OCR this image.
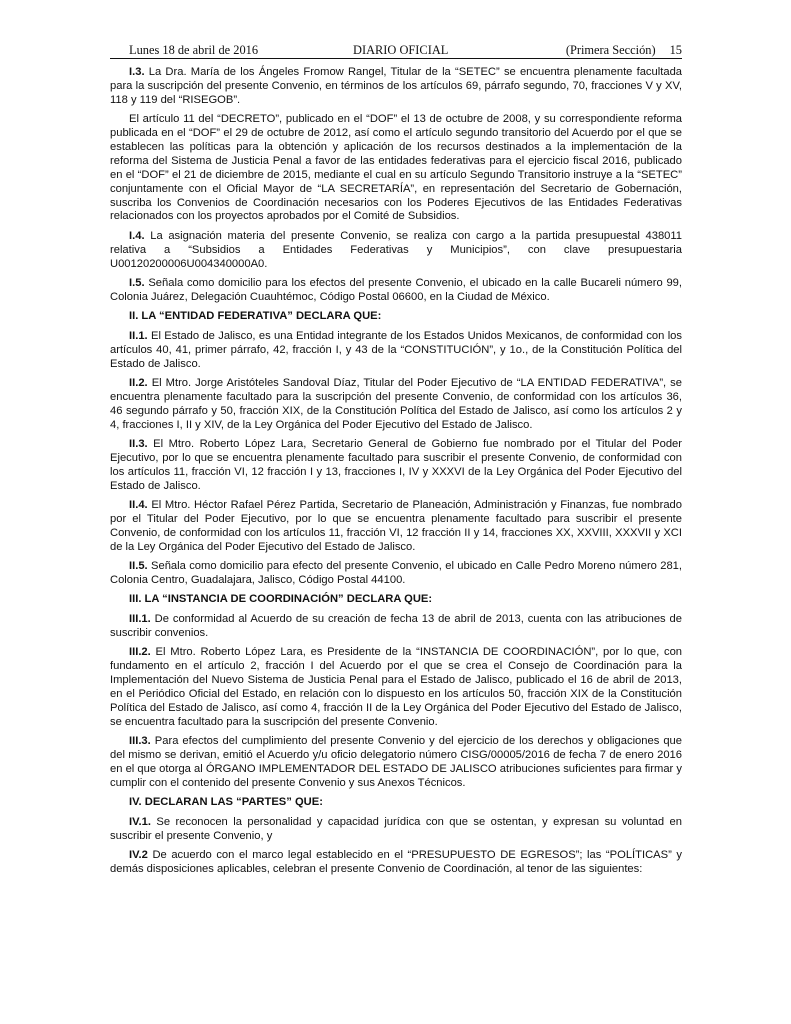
Lunes 18 de abril de 2016	DIARIO OFICIAL	(Primera Sección) 15

I.3. La Dra. María de los Ángeles Fromow Rangel, Titular de la “SETEC” se encuentra plenamente facultada para la suscripción del presente Convenio, en términos de los artículos 69, párrafo segundo, 70, fracciones V y XV, 118 y 119 del “RISEGOB”.

El artículo 11 del “DECRETO”, publicado en el “DOF” el 13 de octubre de 2008, y su correspondiente reforma publicada en el “DOF” el 29 de octubre de 2012, así como el artículo segundo transitorio del Acuerdo por el que se establecen las políticas para la obtención y aplicación de los recursos destinados a la implementación de la reforma del Sistema de Justicia Penal a favor de las entidades federativas para el ejercicio fiscal 2016, publicado en el “DOF” el 21 de diciembre de 2015, mediante el cual en su artículo Segundo Transitorio instruye a la “SETEC” conjuntamente con el Oficial Mayor de “LA SECRETARÍA”, en representación del Secretario de Gobernación, suscriba los Convenios de Coordinación necesarios con los Poderes Ejecutivos de las Entidades Federativas relacionados con los proyectos aprobados por el Comité de Subsidios.

I.4. La asignación materia del presente Convenio, se realiza con cargo a la partida presupuestal 438011 relativa a “Subsidios a Entidades Federativas y Municipios”, con clave presupuestaria U00120200006U004340000A0.

I.5. Señala como domicilio para los efectos del presente Convenio, el ubicado en la calle Bucareli número 99, Colonia Juárez, Delegación Cuauhtémoc, Código Postal 06600, en la Ciudad de México.

II. LA “ENTIDAD FEDERATIVA” DECLARA QUE:

II.1. El Estado de Jalisco, es una Entidad integrante de los Estados Unidos Mexicanos, de conformidad con los artículos 40, 41, primer párrafo, 42, fracción I, y 43 de la “CONSTITUCIÓN”, y 1o., de la Constitución Política del Estado de Jalisco.

II.2. El Mtro. Jorge Aristóteles Sandoval Díaz, Titular del Poder Ejecutivo de “LA ENTIDAD FEDERATIVA”, se encuentra plenamente facultado para la suscripción del presente Convenio, de conformidad con los artículos 36, 46 segundo párrafo y 50, fracción XIX, de la Constitución Política del Estado de Jalisco, así como los artículos 2 y 4, fracciones I, II y XIV, de la Ley Orgánica del Poder Ejecutivo del Estado de Jalisco.

II.3. El Mtro. Roberto López Lara, Secretario General de Gobierno fue nombrado por el Titular del Poder Ejecutivo, por lo que se encuentra plenamente facultado para suscribir el presente Convenio, de conformidad con los artículos 11, fracción VI, 12 fracción I y 13, fracciones I, IV y XXXVI de la Ley Orgánica del Poder Ejecutivo del Estado de Jalisco.

II.4. El Mtro. Héctor Rafael Pérez Partida, Secretario de Planeación, Administración y Finanzas, fue nombrado por el Titular del Poder Ejecutivo, por lo que se encuentra plenamente facultado para suscribir el presente Convenio, de conformidad con los artículos 11, fracción VI, 12 fracción II y 14, fracciones XX, XXVIII, XXXVII y XCI de la Ley Orgánica del Poder Ejecutivo del Estado de Jalisco.

II.5. Señala como domicilio para efecto del presente Convenio, el ubicado en Calle Pedro Moreno número 281, Colonia Centro, Guadalajara, Jalisco, Código Postal 44100.

III. LA “INSTANCIA DE COORDINACIÓN” DECLARA QUE:

III.1. De conformidad al Acuerdo de su creación de fecha 13 de abril de 2013, cuenta con las atribuciones de suscribir convenios.

III.2. El Mtro. Roberto López Lara, es Presidente de la “INSTANCIA DE COORDINACIÓN”, por lo que, con fundamento en el artículo 2, fracción I del Acuerdo por el que se crea el Consejo de Coordinación para la Implementación del Nuevo Sistema de Justicia Penal para el Estado de Jalisco, publicado el 16 de abril de 2013, en el Periódico Oficial del Estado, en relación con lo dispuesto en los artículos 50, fracción XIX de la Constitución Política del Estado de Jalisco, así como 4, fracción II de la Ley Orgánica del Poder Ejecutivo del Estado de Jalisco, se encuentra facultado para la suscripción del presente Convenio.

III.3. Para efectos del cumplimiento del presente Convenio y del ejercicio de los derechos y obligaciones que del mismo se derivan, emitió el Acuerdo y/u oficio delegatorio número CISG/00005/2016 de fecha 7 de enero 2016 en el que otorga al ÓRGANO IMPLEMENTADOR DEL ESTADO DE JALISCO atribuciones suficientes para firmar y cumplir con el contenido del presente Convenio y sus Anexos Técnicos.

IV. DECLARAN LAS “PARTES” QUE:

IV.1. Se reconocen la personalidad y capacidad jurídica con que se ostentan, y expresan su voluntad en suscribir el presente Convenio, y

IV.2 De acuerdo con el marco legal establecido en el “PRESUPUESTO DE EGRESOS”; las “POLÍTICAS” y demás disposiciones aplicables, celebran el presente Convenio de Coordinación, al tenor de las siguientes:
